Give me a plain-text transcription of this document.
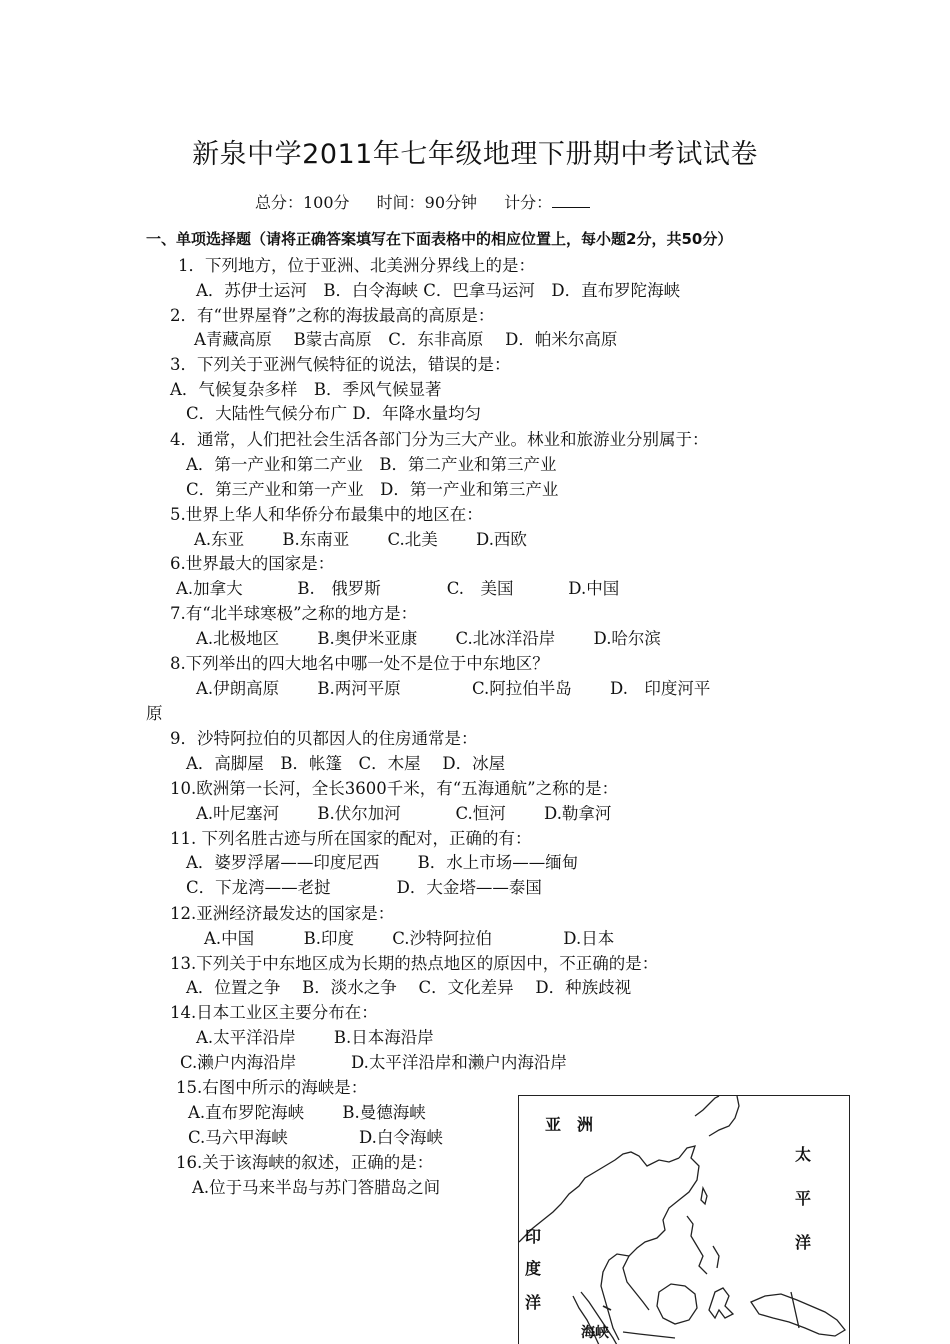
新泉中学2011年七年级地理下册期中考试试卷
总分：100分 时间：90分钟 计分：
一、单项选择题（请将正确答案填写在下面表格中的相应位置上，每小题2分，共50分）
1．下列地方，位于亚洲、北美洲分界线上的是：
A．苏伊士运河　B．白令海峡 C．巴拿马运河　D．直布罗陀海峡
2．有“世界屋脊”之称的海拔最高的高原是：
A青藏高原　 B蒙古高原　C．东非高原　 D．帕米尔高原
3．下列关于亚洲气候特征的说法，错误的是：
A．气候复杂多样　B．季风气候显著
C．大陆性气候分布广 D．年降水量均匀
4．通常，人们把社会生活各部门分为三大产业。林业和旅游业分别属于：
A．第一产业和第二产业　B．第二产业和第三产业
C．第三产业和第一产业　D．第一产业和第三产业
5.世界上华人和华侨分布最集中的地区在：
A.东亚　　 B.东南亚　　 C.北美　　 D.西欧
6.世界最大的国家是：
A.加拿大　　　 B.　俄罗斯　　　　C.　美国　　　 D.中国
7.有“北半球寒极”之称的地方是：
A.北极地区　　 B.奥伊米亚康　　 C.北冰洋沿岸　　 D.哈尔滨
8.下列举出的四大地名中哪一处不是位于中东地区？
A.伊朗高原　　 B.两河平原　　　　 C.阿拉伯半岛　　 D.　印度河平
原
9．沙特阿拉伯的贝都因人的住房通常是：
A．高脚屋　B．帐篷　C．木屋　 D．冰屋
10.欧洲第一长河，全长3600千米，有“五海通航”之称的是：
A.叶尼塞河　　 B.伏尔加河　　　 C.恒河　　 D.勒拿河
11. 下列名胜古迹与所在国家的配对，正确的有：
A．婆罗浮屠——印度尼西　　 B．水上市场——缅甸
C．下龙湾——老挝　　　　D．大金塔——泰国
12.亚洲经济最发达的国家是：
A.中国　　　B.印度　　 C.沙特阿拉伯　　　　 D.日本
13.下列关于中东地区成为长期的热点地区的原因中，不正确的是：
A．位置之争　 B．淡水之争　 C．文化差异　 D．种族歧视
14.日本工业区主要分布在：
A.太平洋沿岸　　 B.日本海沿岸
C.濑户内海沿岸　　　 D.太平洋沿岸和濑户内海沿岸
15.右图中所示的海峡是：
A.直布罗陀海峡　　 B.曼德海峡
C.马六甲海峡　　　　 D.白令海峡
16.关于该海峡的叙述，正确的是：
A.位于马来半岛与苏门答腊岛之间
亚　洲
太
平
洋
印
度
洋
海峡
